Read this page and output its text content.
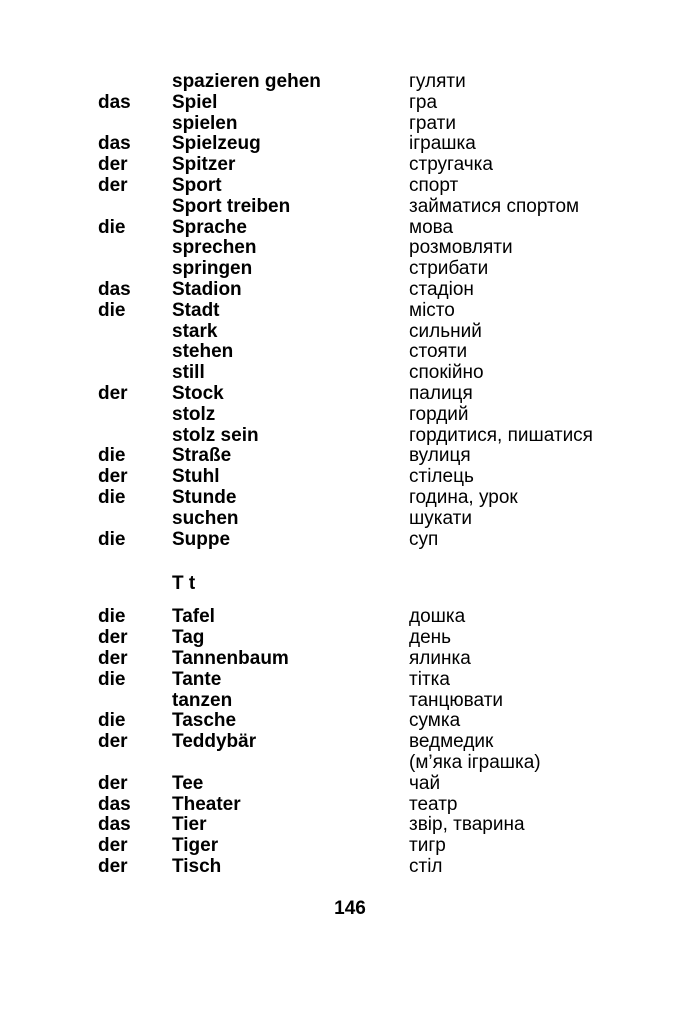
spazieren gehen	гуляти
das Spiel	гра
spielen	грати
das Spielzeug	іграшка
der Spitzer	стругачка
der Sport	спорт
Sport treiben	займатися спортом
die Sprache	мова
sprechen	розмовляти
springen	стрибати
das Stadion	стадіон
die Stadt	місто
stark	сильний
stehen	стояти
still	спокійно
der Stock	палиця
stolz	гордий
stolz sein	гордитися, пишатися
die Straße	вулиця
der Stuhl	стілець
die Stunde	година, урок
suchen	шукати
die Suppe	суп
T t
die Tafel	дошка
der Tag	день
der Tannenbaum	ялинка
die Tante	тітка
tanzen	танцювати
die Tasche	сумка
der Teddybär	ведмедик
(м’яка іграшка)
der Tee	чай
das Theater	театр
das Tier	звір, тварина
der Tiger	тигр
der Tisch	стіл
146
